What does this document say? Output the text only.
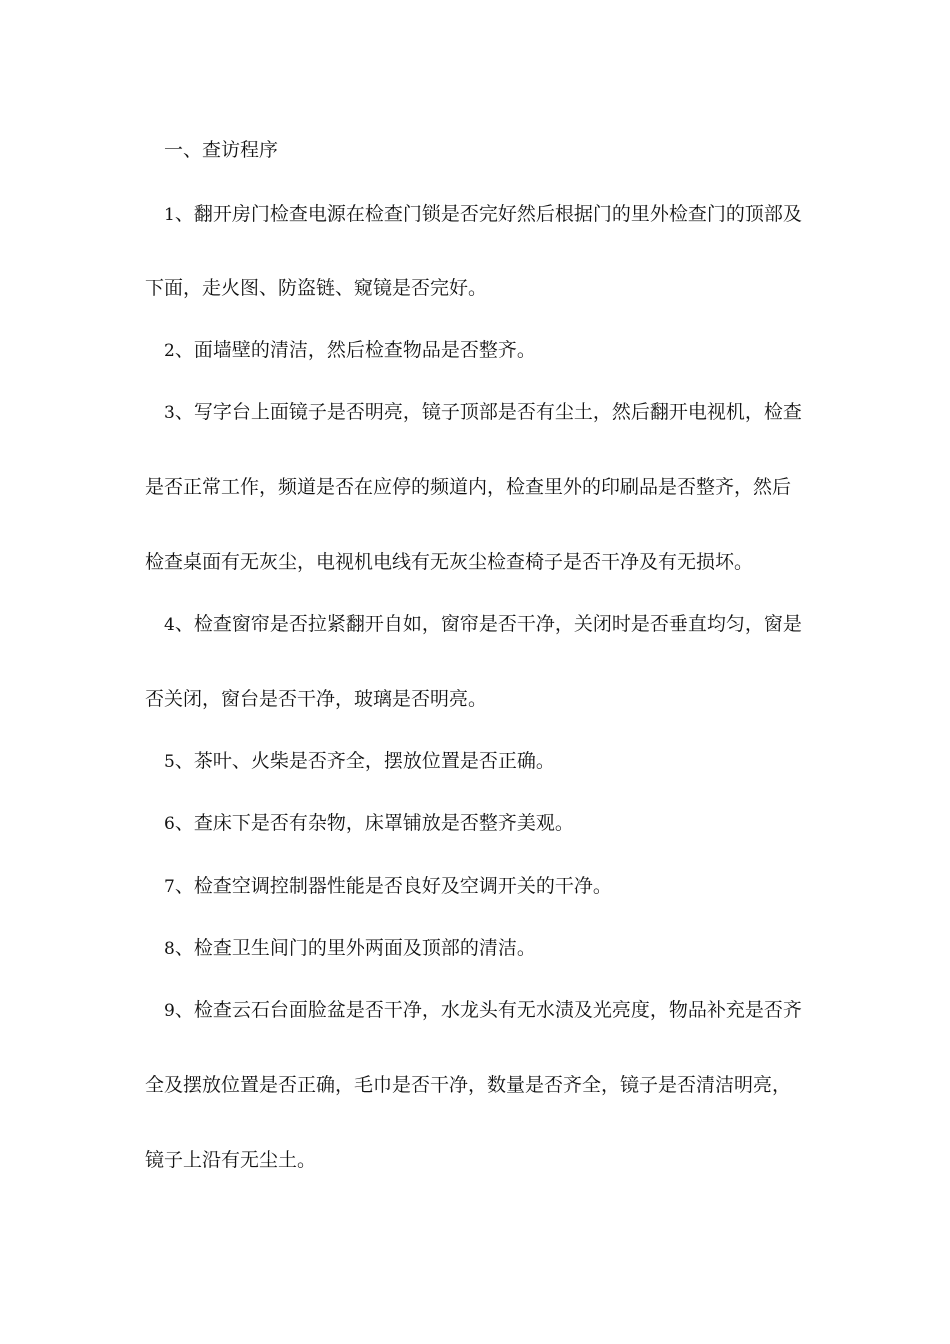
一、查访程序
1、翻开房门检查电源在检查门锁是否完好然后根据门的里外检查门的顶部及
下面，走火图、防盗链、窥镜是否完好。
2、面墙壁的清洁，然后检查物品是否整齐。
3、写字台上面镜子是否明亮，镜子顶部是否有尘土，然后翻开电视机，检查
是否正常工作，频道是否在应停的频道内，检查里外的印刷品是否整齐，然后
检查桌面有无灰尘，电视机电线有无灰尘检查椅子是否干净及有无损坏。
4、检查窗帘是否拉紧翻开自如，窗帘是否干净，关闭时是否垂直均匀，窗是
否关闭，窗台是否干净，玻璃是否明亮。
5、茶叶、火柴是否齐全，摆放位置是否正确。
6、查床下是否有杂物，床罩铺放是否整齐美观。
7、检查空调控制器性能是否良好及空调开关的干净。
8、检查卫生间门的里外两面及顶部的清洁。
9、检查云石台面脸盆是否干净，水龙头有无水渍及光亮度，物品补充是否齐
全及摆放位置是否正确，毛巾是否干净，数量是否齐全，镜子是否清洁明亮，
镜子上沿有无尘土。
